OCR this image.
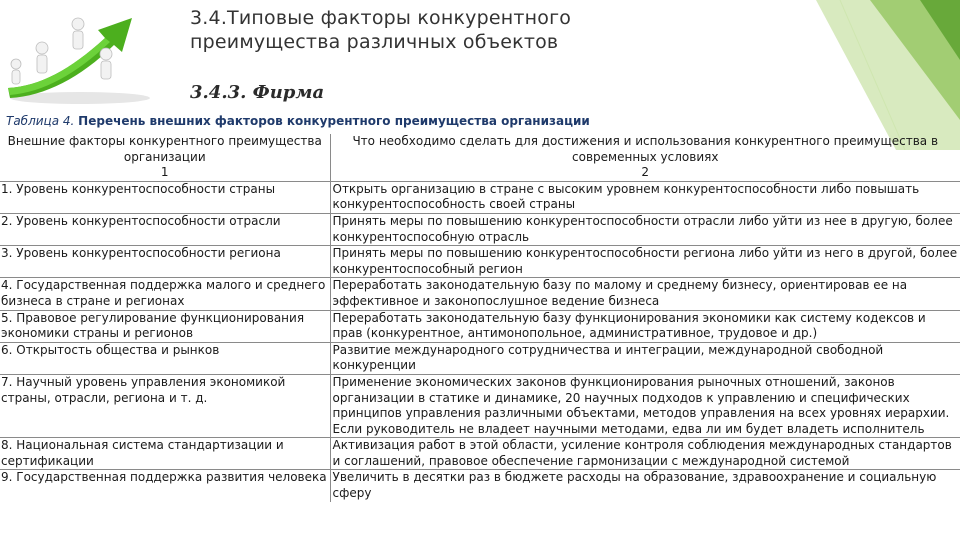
3.4.Типовые факторы конкурентного
преимущества различных объектов
3.4.3. Фирма
Таблица 4. Перечень внешних факторов конкурентного преимущества организации
Внешние факторы конкурентного преимущества организации	Что необходимо сделать для достижения и использования конкурентного преимущества в современных условиях
1	2
1. Уровень конкурентоспособности страны	Открыть организацию в стране с высоким уровнем конкурентоспособности либо повышать конкурентоспособность своей страны
2. Уровень конкурентоспособности отрасли	Принять меры по повышению конкурентоспособности отрасли либо уйти из нее в другую, более конкурентоспособную отрасль
3. Уровень конкурентоспособности региона	Принять меры по повышению конкурентоспособности региона либо уйти из него в другой, более конкурентоспособный регион
4. Государственная поддержка малого и среднего бизнеса в стране и регионах	Переработать законодательную базу по малому и среднему бизнесу, ориентировав ее на эффективное и законопослушное ведение бизнеса
5. Правовое регулирование функционирования экономики страны и регионов	Переработать законодательную базу функционирования экономики как систему кодексов и прав (конкурентное, антимонопольное, административное, трудовое и др.)
6. Открытость общества и рынков	Развитие международного сотрудничества и интеграции, международной свободной конкуренции
7. Научный уровень управления экономикой страны, отрасли, региона и т. д.	Применение экономических законов функционирования рыночных отношений, законов организации в статике и динамике, 20 научных подходов к управлению и специфических принципов управления различными объектами, методов управления на всех уровнях иерархии. Если руководитель не владеет научными методами, едва ли им будет владеть исполнитель
8. Национальная система стандартизации и сертификации	Активизация работ в этой области, усиление контроля соблюдения международных стандартов и соглашений, правовое обеспечение гармонизации с международной системой
9. Государственная поддержка развития человека	Увеличить в десятки раз в бюджете расходы на образование, здравоохранение и социальную сферу
